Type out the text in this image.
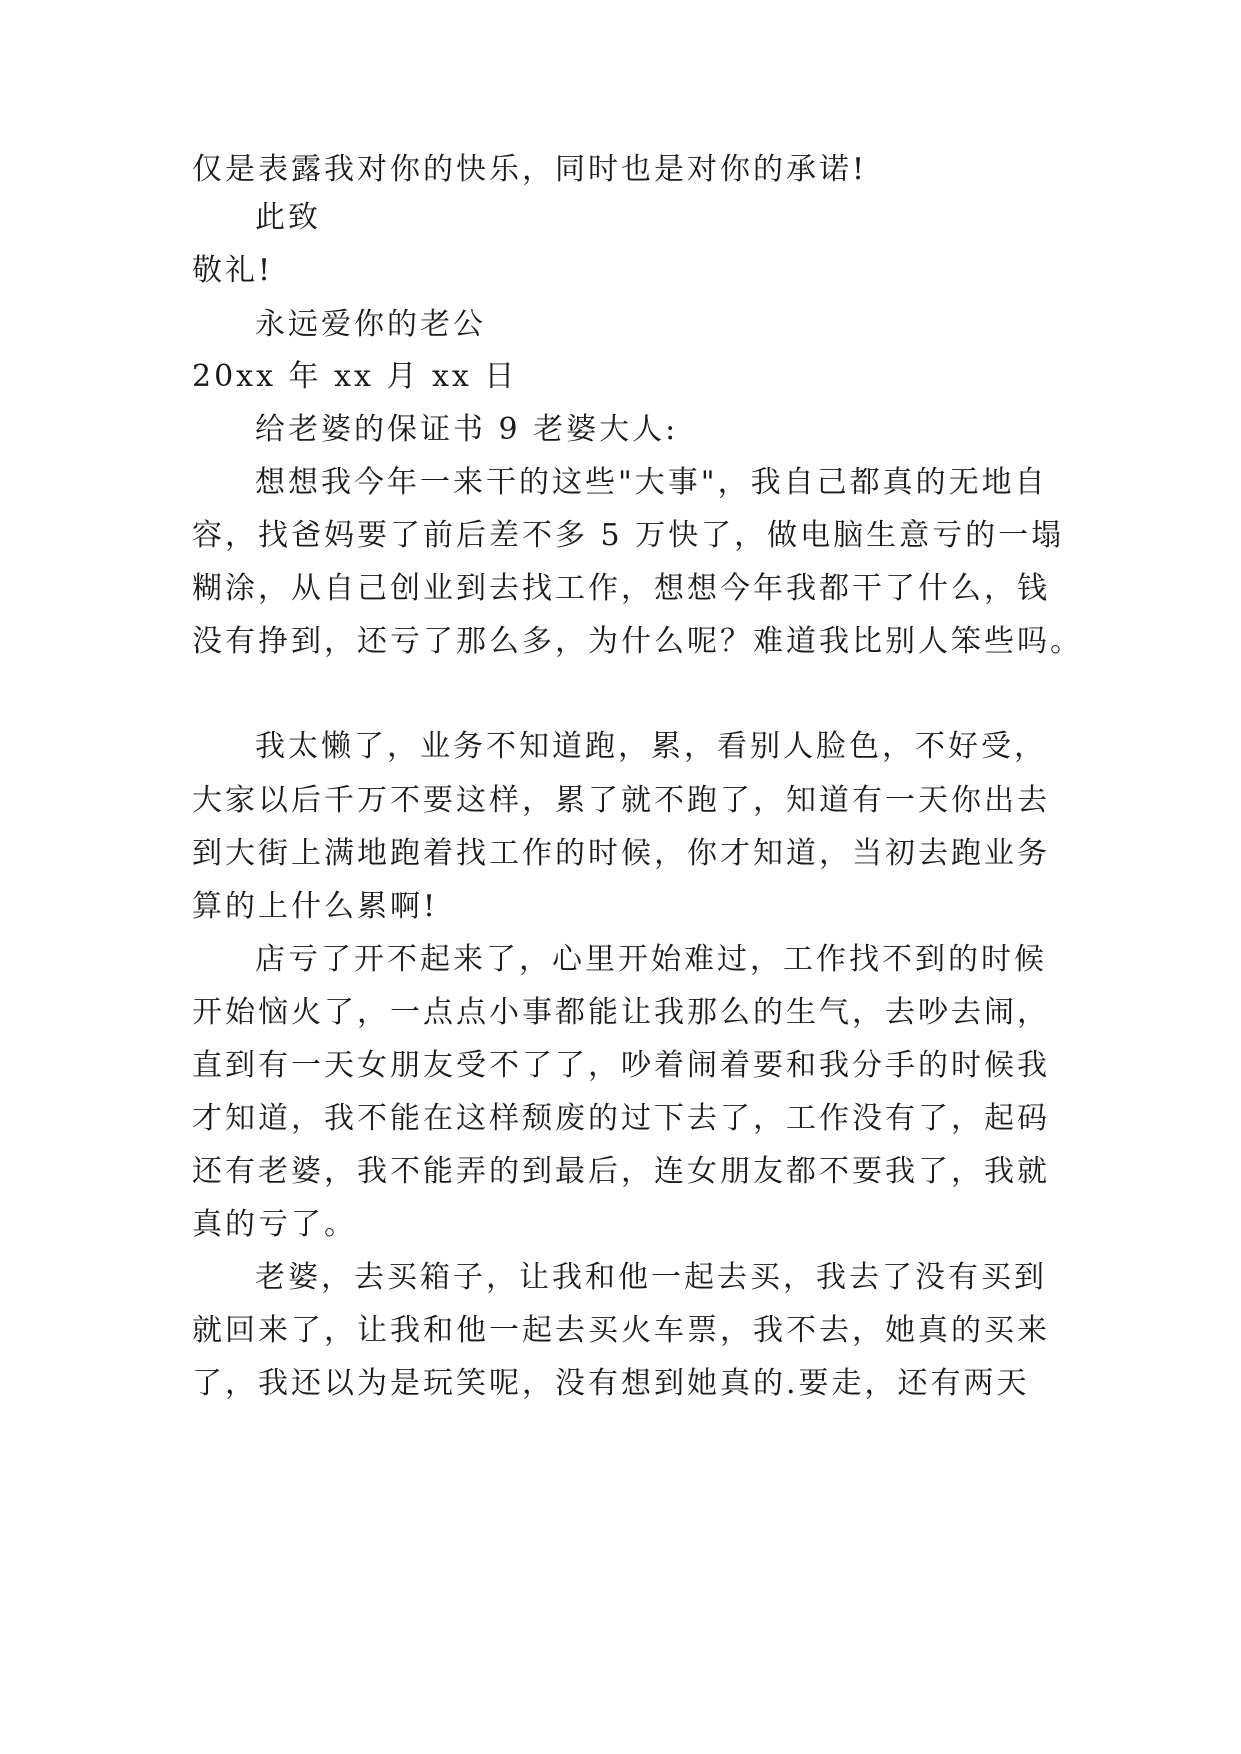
仅是表露我对你的快乐，同时也是对你的承诺!
此致
敬礼!
永远爱你的老公
20xx 年 xx 月 xx 日
给老婆的保证书 9 老婆大人:
想想我今年一来干的这些"大事"，我自己都真的无地自
容，找爸妈要了前后差不多 5 万快了，做电脑生意亏的一塌
糊涂，从自己创业到去找工作，想想今年我都干了什么，钱
没有挣到，还亏了那么多，为什么呢？难道我比别人笨些吗。
我太懒了，业务不知道跑，累，看别人脸色，不好受，
大家以后千万不要这样，累了就不跑了，知道有一天你出去
到大街上满地跑着找工作的时候，你才知道，当初去跑业务
算的上什么累啊!
店亏了开不起来了，心里开始难过，工作找不到的时候
开始恼火了，一点点小事都能让我那么的生气，去吵去闹，
直到有一天女朋友受不了了，吵着闹着要和我分手的时候我
才知道，我不能在这样颓废的过下去了，工作没有了，起码
还有老婆，我不能弄的到最后，连女朋友都不要我了，我就
真的亏了。
老婆，去买箱子，让我和他一起去买，我去了没有买到
就回来了，让我和他一起去买火车票，我不去，她真的买来
了，我还以为是玩笑呢，没有想到她真的.要走，还有两天
